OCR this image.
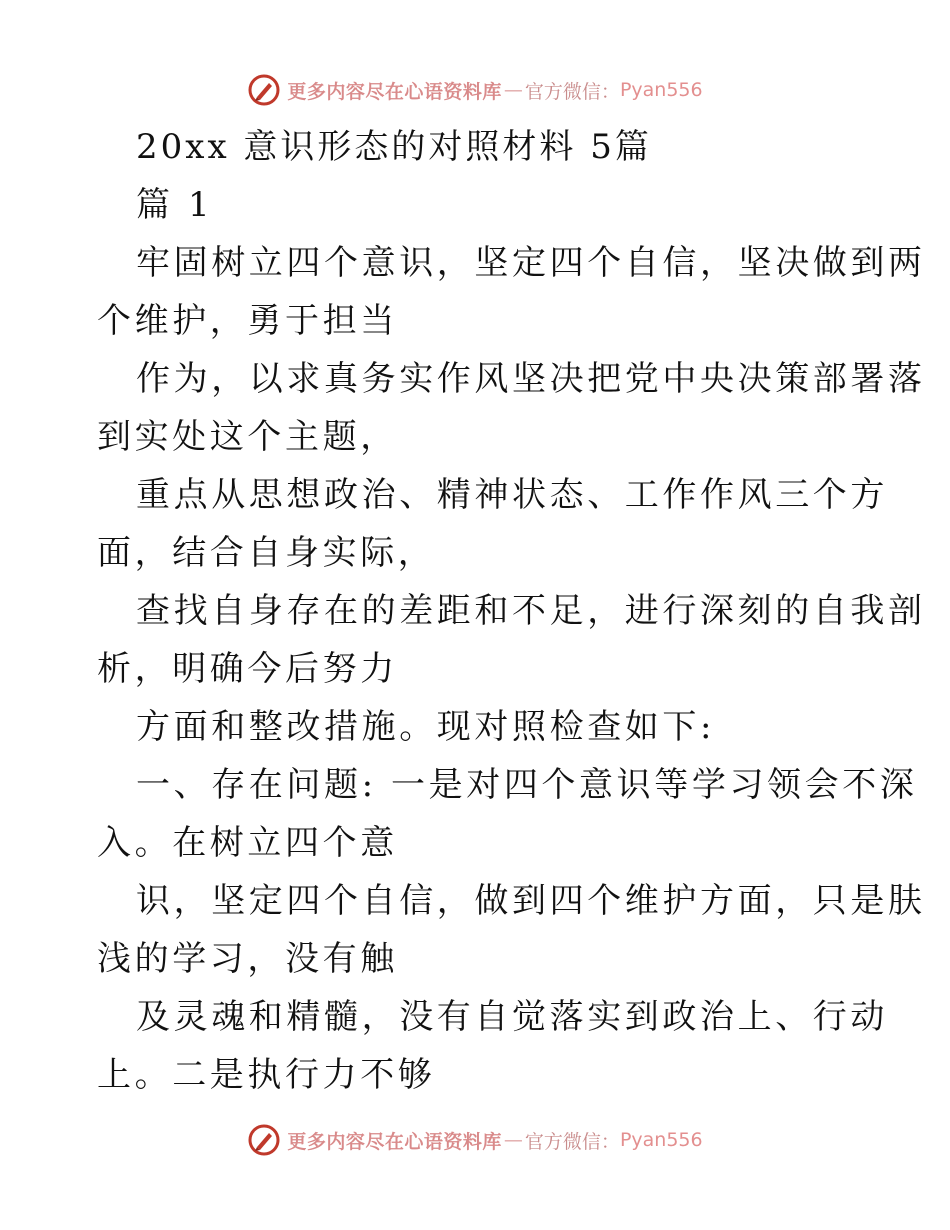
更多内容尽在心语资料库 — 官方微信： Pyan556
20xx 意识形态的对照材料 5篇
篇 1
牢固树立四个意识，坚定四个自信，坚决做到两
个维护，勇于担当
作为，以求真务实作风坚决把党中央决策部署落
到实处这个主题，
重点从思想政治、精神状态、工作作风三个方
面，结合自身实际，
查找自身存在的差距和不足，进行深刻的自我剖
析，明确今后努力
方面和整改措施。现对照检查如下:
一、存在问题: 一是对四个意识等学习领会不深
入。在树立四个意
识，坚定四个自信，做到四个维护方面，只是肤
浅的学习，没有触
及灵魂和精髓，没有自觉落实到政治上、行动
上。二是执行力不够
更多内容尽在心语资料库 — 官方微信： Pyan556
